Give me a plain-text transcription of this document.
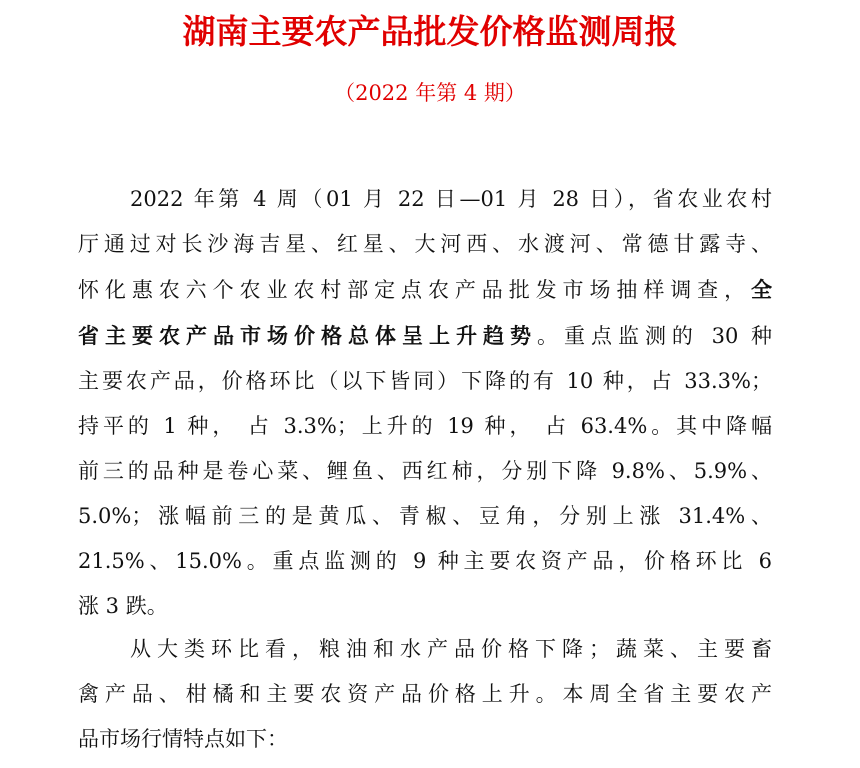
湖南主要农产品批发价格监测周报
（2022 年第 4 期）
2022 年第 4 周（01 月 22 日—01 月 28 日），省农业农村
厅通过对长沙海吉星、红星、大河西、水渡河、常德甘露寺、
怀化惠农六个农业农村部定点农产品批发市场抽样调查，全
省主要农产品市场价格总体呈上升趋势。重点监测的 30 种
主要农产品，价格环比（以下皆同）下降的有 10 种，占 33.3%；
持平的 1 种， 占 3.3%；上升的 19 种， 占 63.4%。其中降幅
前三的品种是卷心菜、鲤鱼、西红柿，分别下降 9.8%、5.9%、
5.0%；涨幅前三的是黄瓜、青椒、豆角，分别上涨 31.4%、
21.5%、15.0%。重点监测的 9 种主要农资产品，价格环比 6
涨 3 跌。
从大类环比看，粮油和水产品价格下降；蔬菜、主要畜
禽产品、柑橘和主要农资产品价格上升。本周全省主要农产
品市场行情特点如下：
